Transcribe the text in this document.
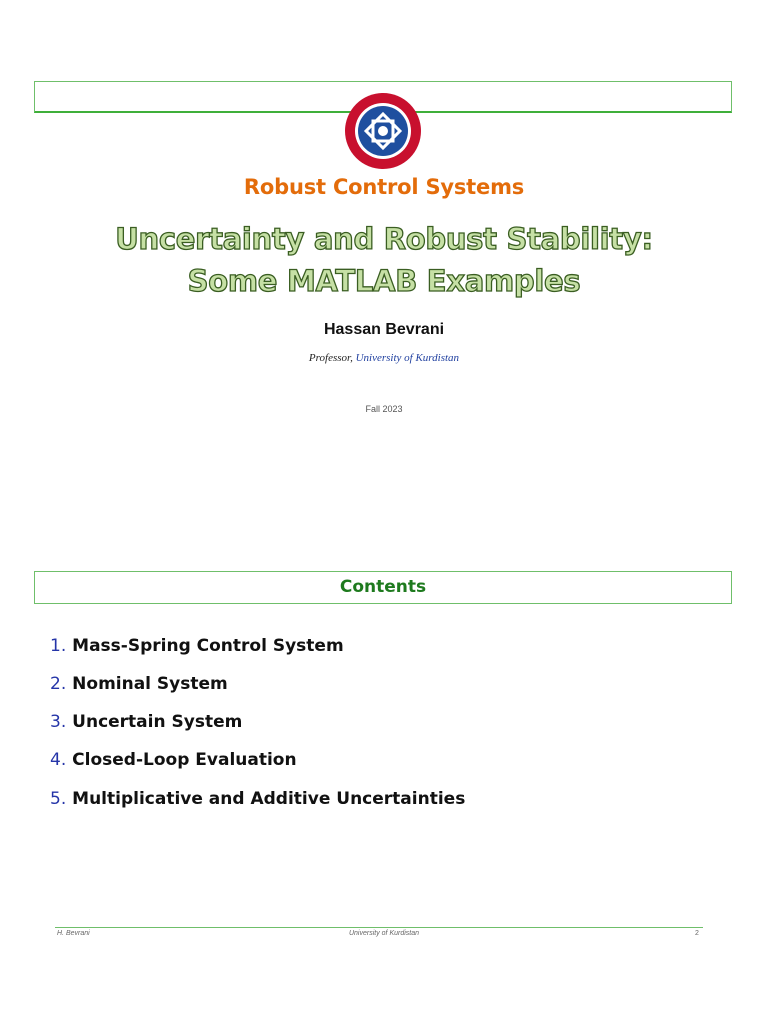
Robust Control Systems
Uncertainty and Robust Stability:
Some MATLAB Examples
Hassan Bevrani
Professor, University of Kurdistan
Fall 2023
Contents
1. Mass-Spring Control System
2. Nominal System
3. Uncertain System
4. Closed-Loop Evaluation
5. Multiplicative and Additive Uncertainties
H. Bevrani	University of Kurdistan	2
